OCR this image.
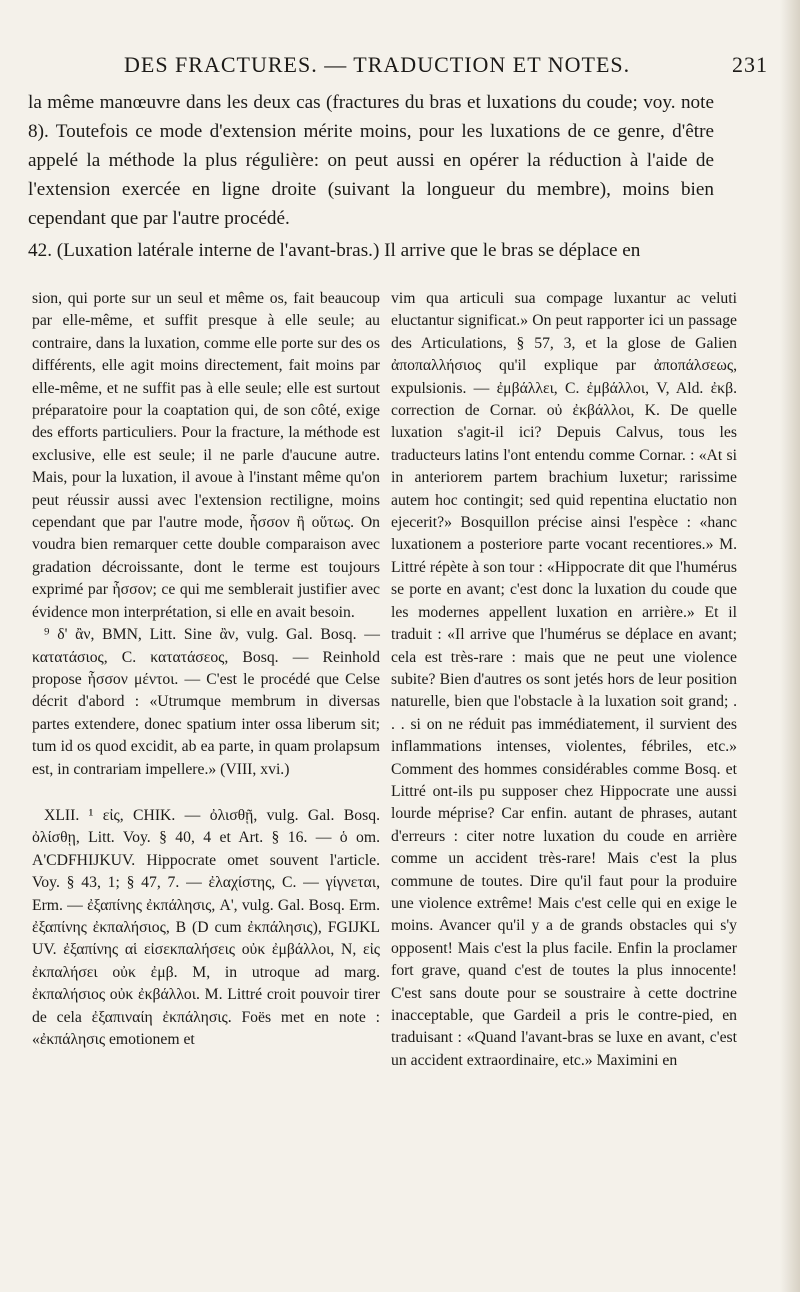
DES FRACTURES. — TRADUCTION ET NOTES.	231

la même manœuvre dans les deux cas (fractures du bras et luxations du coude; voy. note 8). Toutefois ce mode d'extension mérite moins, pour les luxations de ce genre, d'être appelé la méthode la plus régulière: on peut aussi en opérer la réduction à l'aide de l'extension exercée en ligne droite (suivant la longueur du membre), moins bien cependant que par l'autre procédé.

42. (Luxation latérale interne de l'avant-bras.) Il arrive que le bras se déplace en

sion, qui porte sur un seul et même os, fait beaucoup par elle-même, et suffit presque à elle seule; au contraire, dans la luxation, comme elle porte sur des os différents, elle agit moins directement, fait moins par elle-même, et ne suffit pas à elle seule; elle est surtout préparatoire pour la coaptation qui, de son côté, exige des efforts particuliers. Pour la fracture, la méthode est exclusive, elle est seule; il ne parle d'aucune autre. Mais, pour la luxation, il avoue à l'instant même qu'on peut réussir aussi avec l'extension rectiligne, moins cependant que par l'autre mode, ἧσσον ἢ οὕτως. On voudra bien remarquer cette double comparaison avec gradation décroissante, dont le terme est toujours exprimé par ἧσσον; ce qui me semblerait justifier avec évidence mon interprétation, si elle en avait besoin.

⁹ δ' ἂν, BMN, Litt. Sine ἂν, vulg. Gal. Bosq. — κατατάσιος, C. κατατάσεος, Bosq. — Reinhold propose ἧσσον μέντοι. — C'est le procédé que Celse décrit d'abord : «Utrumque membrum in diversas partes extendere, donec spatium inter ossa liberum sit; tum id os quod excidit, ab ea parte, in quam prolapsum est, in contrariam impellere.» (VIII, xvi.)

XLII. ¹ εἰς, CHIK. — ὀλισθῇ, vulg. Gal. Bosq. ὀλίσθῃ, Litt. Voy. § 40, 4 et Art. § 16. — ὁ om. A'CDFHIJKUV. Hippocrate omet souvent l'article. Voy. § 43, 1; § 47, 7. — ἐλαχίστης, C. — γίγνεται, Erm. — ἐξαπίνης ἐκπάλησις, A', vulg. Gal. Bosq. Erm. ἐξαπίνης ἐκπαλήσιος, B (D cum ἐκπάλησις), FGIJKL UV. ἐξαπίνης αἱ εἰσεκπαλήσεις οὐκ ἐμβάλλοι, N, εἰς ἐκπαλήσει οὐκ ἐμβ. M, in utroque ad marg. ἐκπαλήσιος οὐκ ἐκβάλλοι. M. Littré croit pouvoir tirer de cela ἐξαπιναίη ἐκπάλησις. Foës met en note : «ἐκπάλησις emotionem et

vim qua articuli sua compage luxantur ac veluti eluctantur significat.» On peut rapporter ici un passage des Articulations, § 57, 3, et la glose de Galien ἀποπαλλήσιος qu'il explique par ἀποπάλσεως, expulsionis. — ἐμβάλλει, C. ἐμβάλλοι, V, Ald. ἐκβ. correction de Cornar. οὐ ἐκβάλλοι, K. De quelle luxation s'agit-il ici? Depuis Calvus, tous les traducteurs latins l'ont entendu comme Cornar. : «At si in anteriorem partem brachium luxetur; rarissime autem hoc contingit; sed quid repentina eluctatio non ejecerit?» Bosquillon précise ainsi l'espèce : «hanc luxationem a posteriore parte vocant recentiores.» M. Littré répète à son tour : «Hippocrate dit que l'humérus se porte en avant; c'est donc la luxation du coude que les modernes appellent luxation en arrière.» Et il traduit : «Il arrive que l'humérus se déplace en avant; cela est très-rare : mais que ne peut une violence subite? Bien d'autres os sont jetés hors de leur position naturelle, bien que l'obstacle à la luxation soit grand; . . . si on ne réduit pas immédiatement, il survient des inflammations intenses, violentes, fébriles, etc.» Comment des hommes considérables comme Bosq. et Littré ont-ils pu supposer chez Hippocrate une aussi lourde méprise? Car enfin. autant de phrases, autant d'erreurs : citer notre luxation du coude en arrière comme un accident très-rare! Mais c'est la plus commune de toutes. Dire qu'il faut pour la produire une violence extrême! Mais c'est celle qui en exige le moins. Avancer qu'il y a de grands obstacles qui s'y opposent! Mais c'est la plus facile. Enfin la proclamer fort grave, quand c'est de toutes la plus innocente! C'est sans doute pour se soustraire à cette doctrine inacceptable, que Gardeil a pris le contre-pied, en traduisant : «Quand l'avant-bras se luxe en avant, c'est un accident extraordinaire, etc.» Maximini en
